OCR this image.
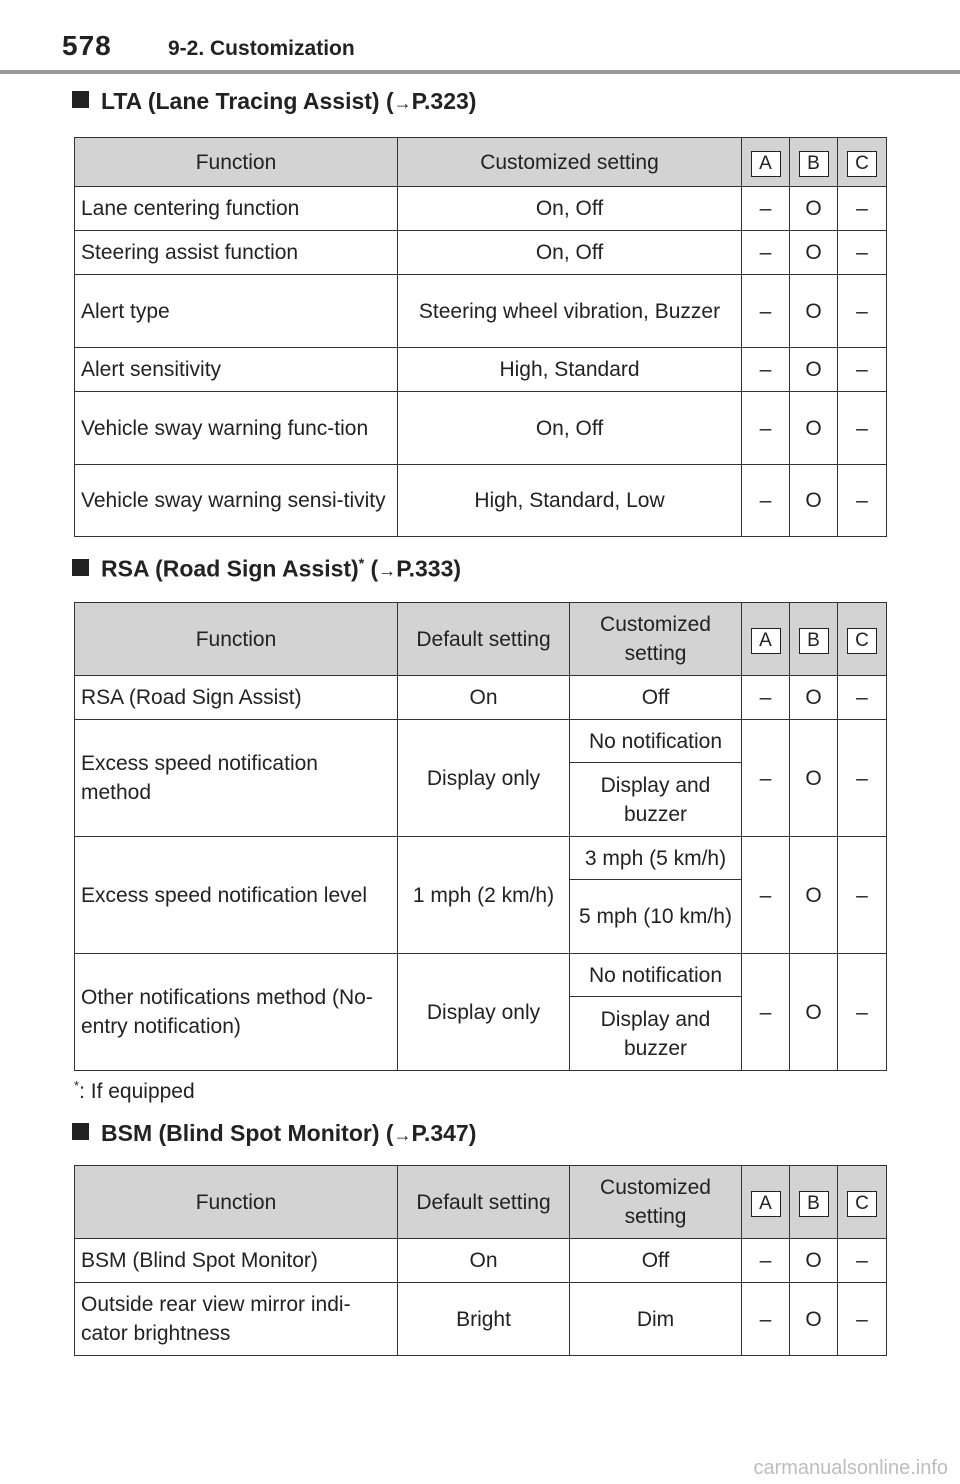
578	9-2. Customization
LTA (Lane Tracing Assist) (→P.323)
Function	Customized setting	A	B	C
Lane centering function	On, Off	–	O	–
Steering assist function	On, Off	–	O	–
Alert type	Steering wheel vibration, Buzzer	–	O	–
Alert sensitivity	High, Standard	–	O	–
Vehicle sway warning func-tion	On, Off	–	O	–
Vehicle sway warning sensi-tivity	High, Standard, Low	–	O	–
RSA (Road Sign Assist)* (→P.333)
Function	Default setting	Customized setting	A	B	C
RSA (Road Sign Assist)	On	Off	–	O	–
Excess speed notification method	Display only	No notification	–	O	–
		Display and buzzer			
Excess speed notification level	1 mph (2 km/h)	3 mph (5 km/h)	–	O	–
		5 mph (10 km/h)			
Other notifications method (No-entry notification)	Display only	No notification	–	O	–
		Display and buzzer			
*: If equipped
BSM (Blind Spot Monitor) (→P.347)
Function	Default setting	Customized setting	A	B	C
BSM (Blind Spot Monitor)	On	Off	–	O	–
Outside rear view mirror indi-cator brightness	Bright	Dim	–	O	–
carmanualsonline.info
